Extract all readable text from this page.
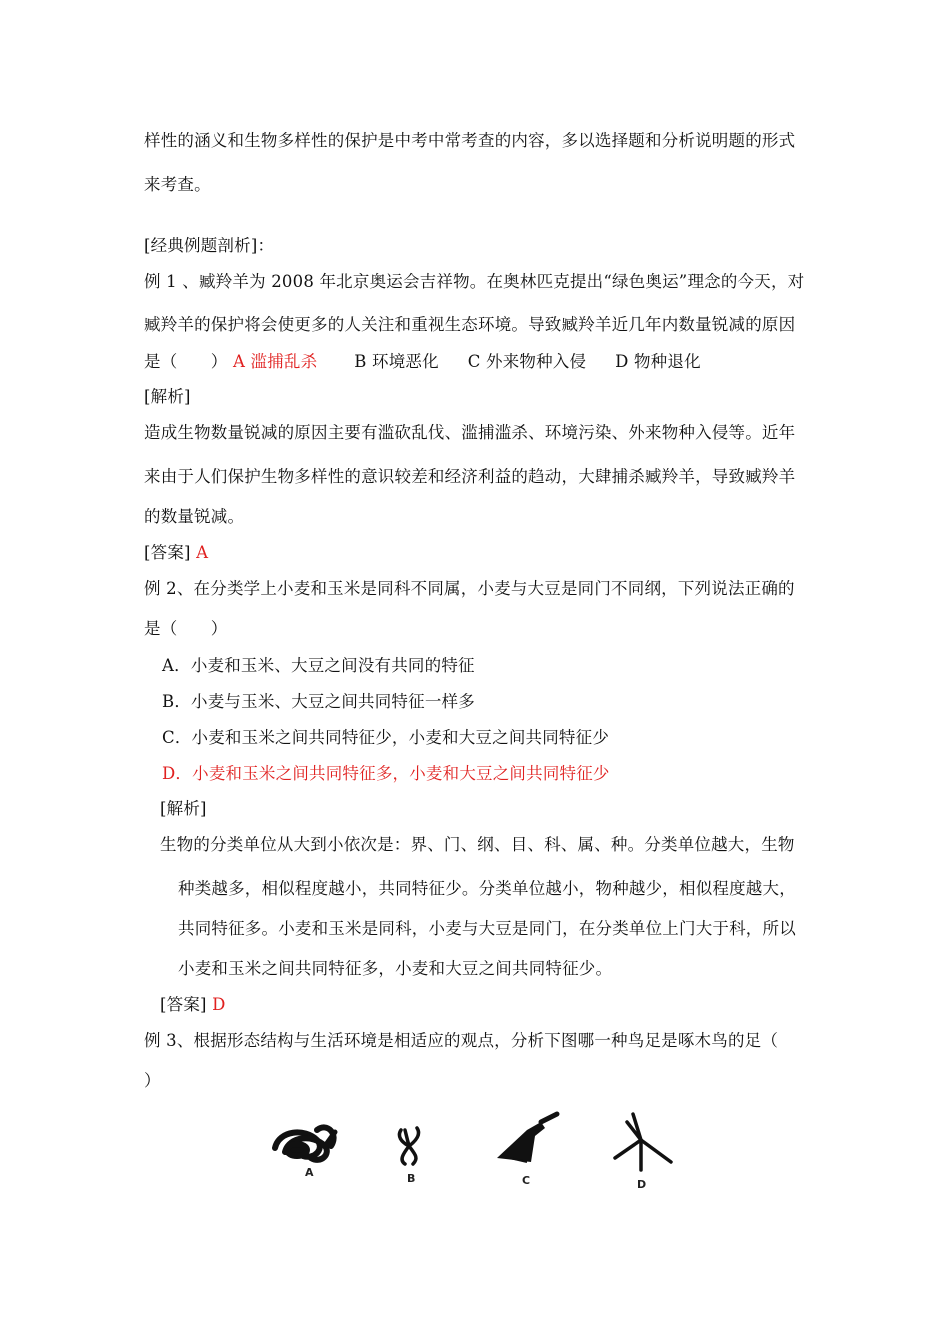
样性的涵义和生物多样性的保护是中考中常考查的内容，多以选择题和分析说明题的形式
来考查。
[经典例题剖析]：
例 1 、臧羚羊为 2008 年北京奥运会吉祥物。在奥林匹克提出“绿色奥运”理念的今天，对
臧羚羊的保护将会使更多的人关注和重视生态环境。导致臧羚羊近几年内数量锐减的原因
是（　　） A 滥捕乱杀 B 环境恶化 C 外来物种入侵 D 物种退化
[解析]
造成生物数量锐减的原因主要有滥砍乱伐、滥捕滥杀、环境污染、外来物种入侵等。近年
来由于人们保护生物多样性的意识较差和经济利益的趋动，大肆捕杀臧羚羊，导致臧羚羊
的数量锐减。
[答案] A
例 2、在分类学上小麦和玉米是同科不同属，小麦与大豆是同门不同纲，下列说法正确的
是（　　）
A．小麦和玉米、大豆之间没有共同的特征
B．小麦与玉米、大豆之间共同特征一样多
C．小麦和玉米之间共同特征少，小麦和大豆之间共同特征少
D．小麦和玉米之间共同特征多，小麦和大豆之间共同特征少
[解析]
生物的分类单位从大到小依次是：界、门、纲、目、科、属、种。分类单位越大，生物
种类越多，相似程度越小，共同特征少。分类单位越小，物种越少，相似程度越大，
共同特征多。小麦和玉米是同科，小麦与大豆是同门，在分类单位上门大于科，所以
小麦和玉米之间共同特征多，小麦和大豆之间共同特征少。
[答案] D
例 3、根据形态结构与生活环境是相适应的观点，分析下图哪一种鸟足是啄木鸟的足（
）
A	B	C	D
